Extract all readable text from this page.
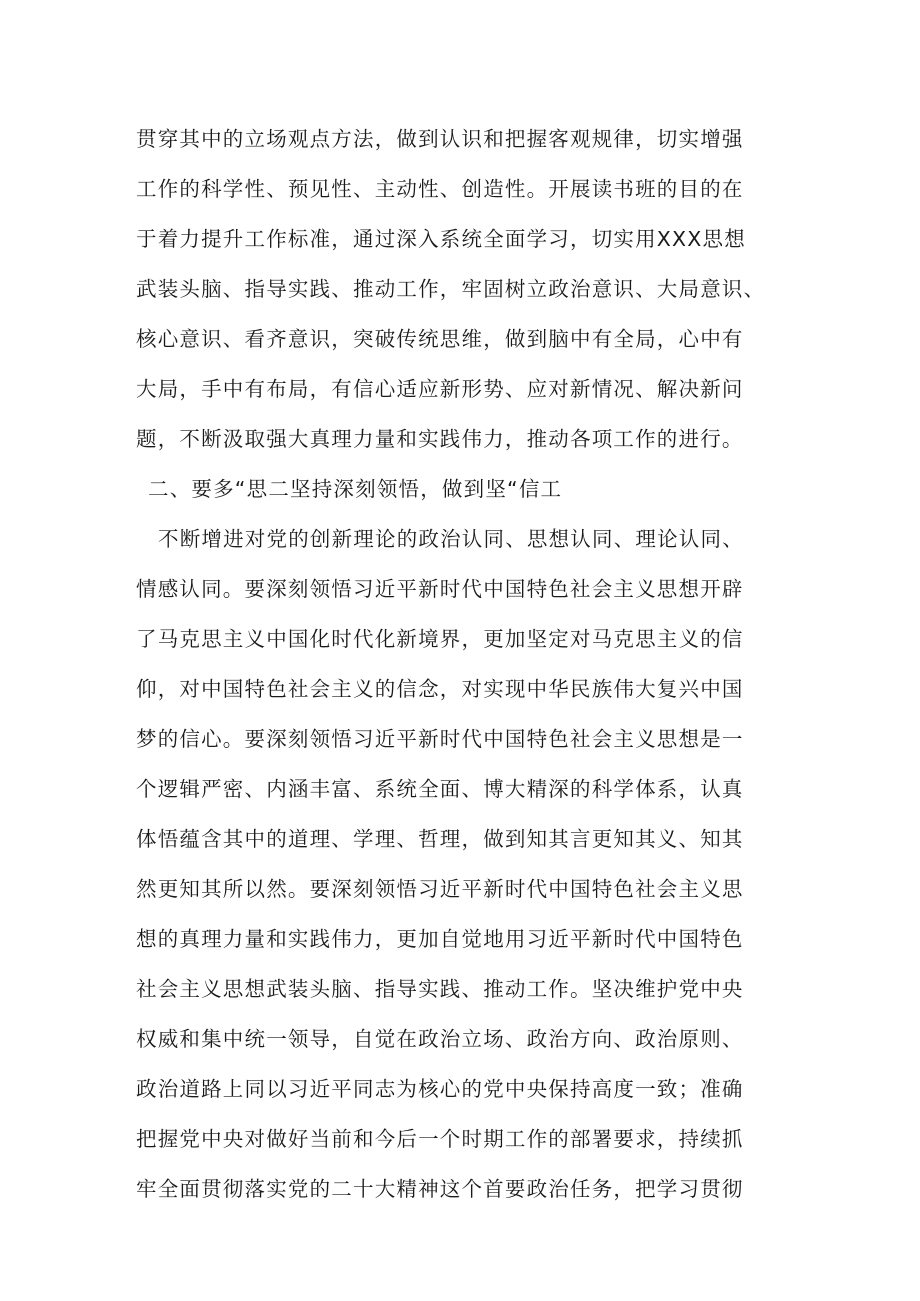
贯穿其中的立场观点方法，做到认识和把握客观规律，切实增强
工作的科学性、预见性、主动性、创造性。开展读书班的目的在
于着力提升工作标准，通过深入系统全面学习，切实用XXX思想
武装头脑、指导实践、推动工作，牢固树立政治意识、大局意识、
核心意识、看齐意识，突破传统思维，做到脑中有全局，心中有
大局，手中有布局，有信心适应新形势、应对新情况、解决新问
题，不断汲取强大真理力量和实践伟力，推动各项工作的进行。
二、要多“思二坚持深刻领悟，做到坚“信工
不断增进对党的创新理论的政治认同、思想认同、理论认同、
情感认同。要深刻领悟习近平新时代中国特色社会主义思想开辟
了马克思主义中国化时代化新境界，更加坚定对马克思主义的信
仰，对中国特色社会主义的信念，对实现中华民族伟大复兴中国
梦的信心。要深刻领悟习近平新时代中国特色社会主义思想是一
个逻辑严密、内涵丰富、系统全面、博大精深的科学体系，认真
体悟蕴含其中的道理、学理、哲理，做到知其言更知其义、知其
然更知其所以然。要深刻领悟习近平新时代中国特色社会主义思
想的真理力量和实践伟力，更加自觉地用习近平新时代中国特色
社会主义思想武装头脑、指导实践、推动工作。坚决维护党中央
权威和集中统一领导，自觉在政治立场、政治方向、政治原则、
政治道路上同以习近平同志为核心的党中央保持高度一致；准确
把握党中央对做好当前和今后一个时期工作的部署要求，持续抓
牢全面贯彻落实党的二十大精神这个首要政治任务，把学习贯彻
